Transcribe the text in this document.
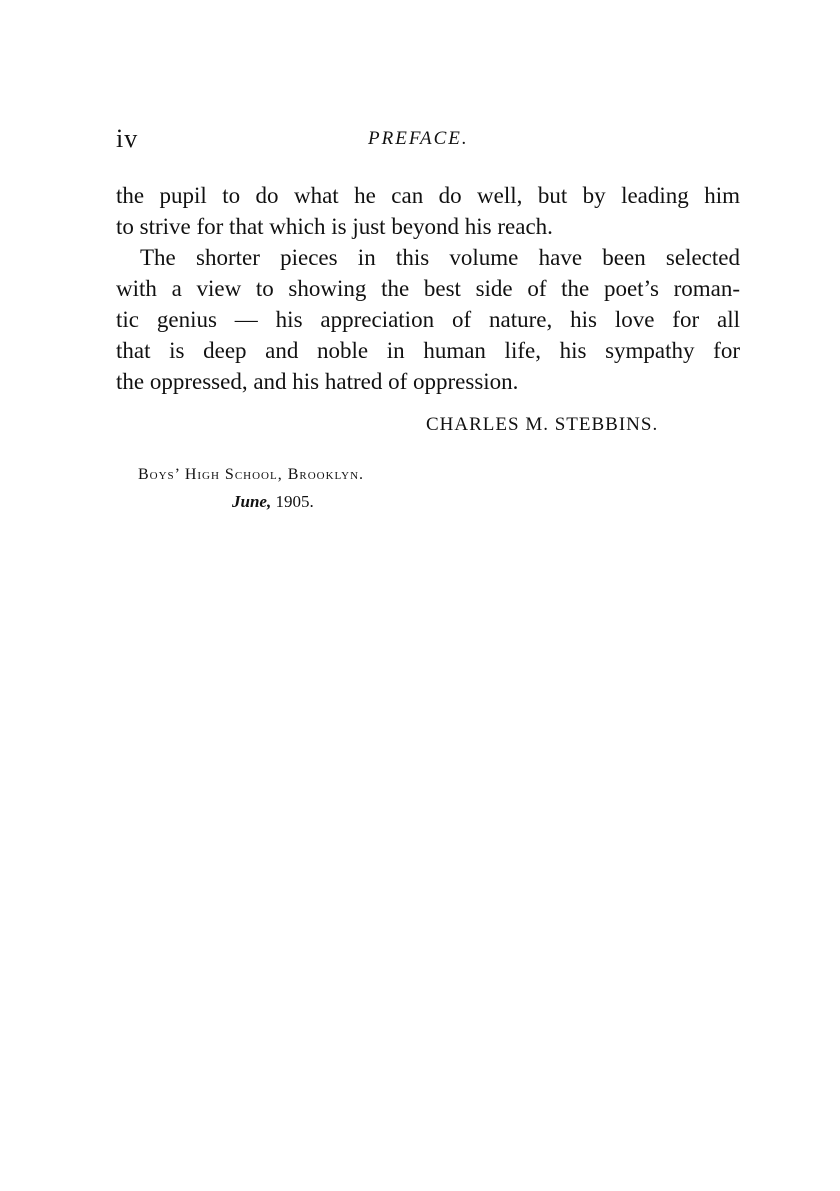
iv	PREFACE.
the pupil to do what he can do well, but by leading him
to strive for that which is just beyond his reach.
The shorter pieces in this volume have been selected
with a view to showing the best side of the poet’s roman-
tic genius — his appreciation of nature, his love for all
that is deep and noble in human life, his sympathy for
the oppressed, and his hatred of oppression.
CHARLES M. STEBBINS.
Boys’ High School, Brooklyn.
June, 1905.
